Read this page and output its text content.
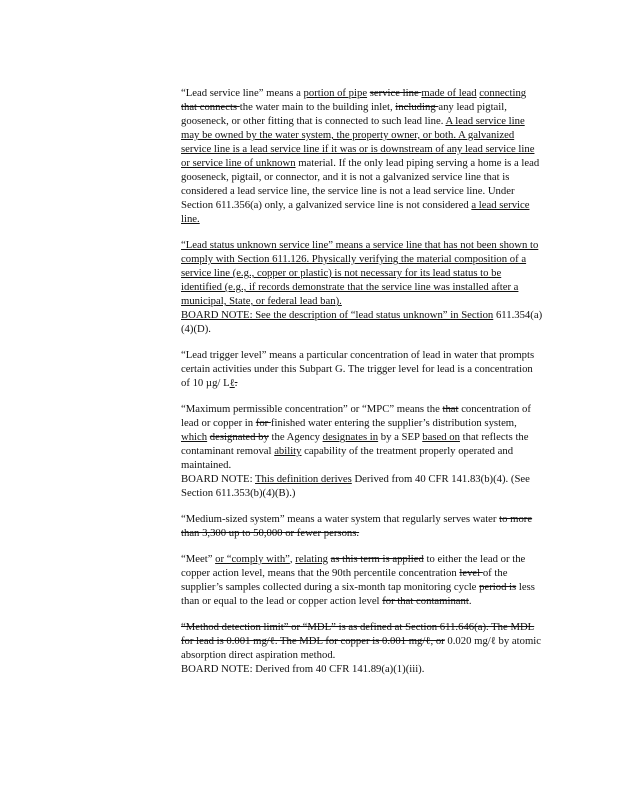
“Lead service line” means a portion of pipe service line made of lead connecting that connects the water main to the building inlet, including any lead pigtail, gooseneck, or other fitting that is connected to such lead line. A lead service line may be owned by the water system, the property owner, or both. A galvanized service line is a lead service line if it was or is downstream of any lead service line or service line of unknown material. If the only lead piping serving a home is a lead gooseneck, pigtail, or connector, and it is not a galvanized service line that is considered a lead service line, the service line is not a lead service line. Under Section 611.356(a) only, a galvanized service line is not considered a lead service line.

“Lead status unknown service line” means a service line that has not been shown to comply with Section 611.126. Physically verifying the material composition of a service line (e.g., copper or plastic) is not necessary for its lead status to be identified (e.g., if records demonstrate that the service line was installed after a municipal, State, or federal lead ban).
BOARD NOTE: See the description of “lead status unknown” in Section 611.354(a)(4)(D).

“Lead trigger level” means a particular concentration of lead in water that prompts certain activities under this Subpart G. The trigger level for lead is a concentration of 10 µg/ Lℓ.

“Maximum permissible concentration” or “MPC” means the that concentration of lead or copper in for finished water entering the supplier’s distribution system, which designated by the Agency designates in by a SEP based on that reflects the contaminant removal ability capability of the treatment properly operated and maintained.
BOARD NOTE: This definition derives Derived from 40 CFR 141.83(b)(4). (See Section 611.353(b)(4)(B).)

“Medium-sized system” means a water system that regularly serves water to more than 3,300 up to 50,000 or fewer persons.

“Meet” or “comply with”, relating as this term is applied to either the lead or the copper action level, means that the 90th percentile concentration level of the supplier’s samples collected during a six-month tap monitoring cycle period is less than or equal to the lead or copper action level for that contaminant.

“Method detection limit” or “MDL” is as defined at Section 611.646(a). The MDL for lead is 0.001 mg/ℓ. The MDL for copper is 0.001 mg/ℓ, or 0.020 mg/ℓ by atomic absorption direct aspiration method.
BOARD NOTE: Derived from 40 CFR 141.89(a)(1)(iii).
